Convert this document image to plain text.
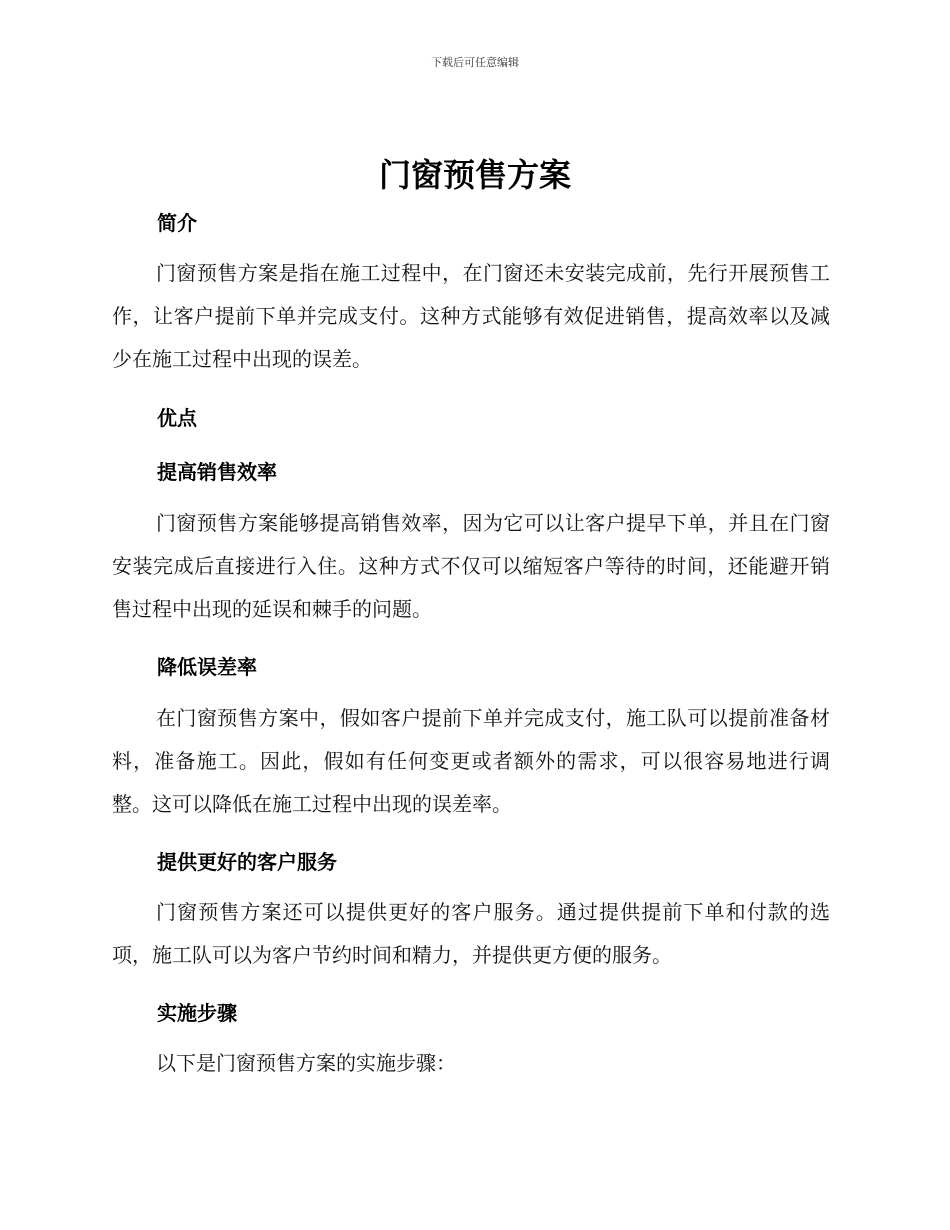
下载后可任意编辑
门窗预售方案
简介

门窗预售方案是指在施工过程中，在门窗还未安装完成前，先行开展预售工作，让客户提前下单并完成支付。这种方式能够有效促进销售，提高效率以及减少在施工过程中出现的误差。

优点
提高销售效率

门窗预售方案能够提高销售效率，因为它可以让客户提早下单，并且在门窗安装完成后直接进行入住。这种方式不仅可以缩短客户等待的时间，还能避开销售过程中出现的延误和棘手的问题。

降低误差率

在门窗预售方案中，假如客户提前下单并完成支付，施工队可以提前准备材料，准备施工。因此，假如有任何变更或者额外的需求，可以很容易地进行调整。这可以降低在施工过程中出现的误差率。

提供更好的客户服务

门窗预售方案还可以提供更好的客户服务。通过提供提前下单和付款的选项，施工队可以为客户节约时间和精力，并提供更方便的服务。

实施步骤

以下是门窗预售方案的实施步骤：
